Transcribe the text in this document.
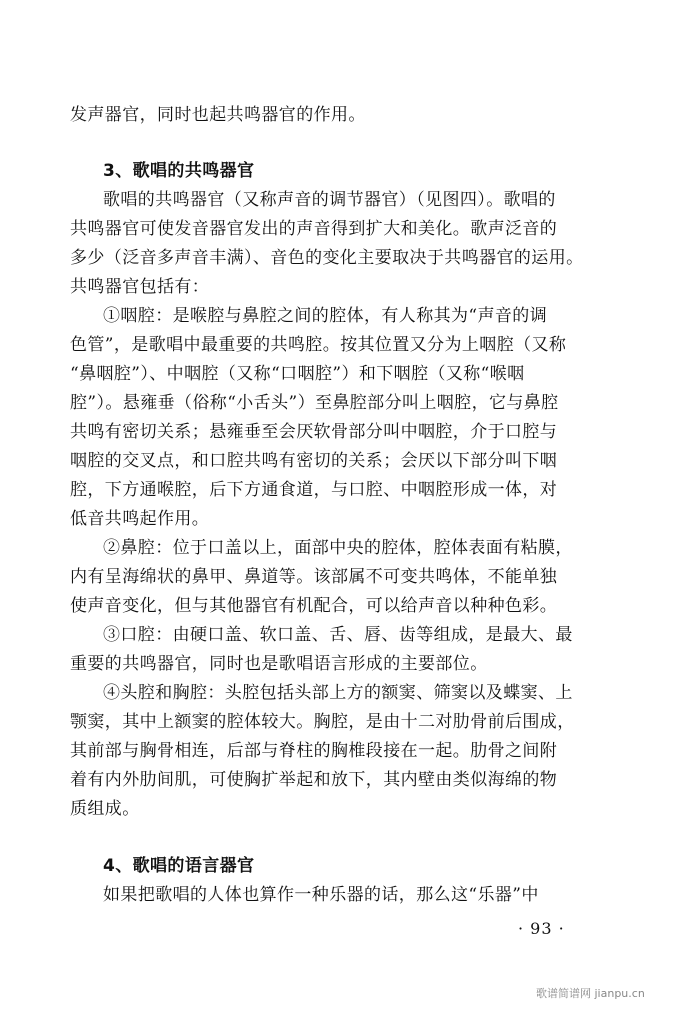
发声器官，同时也起共鸣器官的作用。
3、歌唱的共鸣器官
歌唱的共鸣器官（又称声音的调节器官）（见图四）。歌唱的
共鸣器官可使发音器官发出的声音得到扩大和美化。歌声泛音的
多少（泛音多声音丰满）、音色的变化主要取决于共鸣器官的运用。
共鸣器官包括有：
①咽腔：是喉腔与鼻腔之间的腔体，有人称其为“声音的调
色管”，是歌唱中最重要的共鸣腔。按其位置又分为上咽腔（又称
“鼻咽腔”）、中咽腔（又称“口咽腔”）和下咽腔（又称“喉咽
腔”）。悬雍垂（俗称“小舌头”）至鼻腔部分叫上咽腔，它与鼻腔
共鸣有密切关系；悬雍垂至会厌软骨部分叫中咽腔，介于口腔与
咽腔的交叉点，和口腔共鸣有密切的关系；会厌以下部分叫下咽
腔，下方通喉腔，后下方通食道，与口腔、中咽腔形成一体，对
低音共鸣起作用。
②鼻腔：位于口盖以上，面部中央的腔体，腔体表面有粘膜，
内有呈海绵状的鼻甲、鼻道等。该部属不可变共鸣体，不能单独
使声音变化，但与其他器官有机配合，可以给声音以种种色彩。
③口腔：由硬口盖、软口盖、舌、唇、齿等组成，是最大、最
重要的共鸣器官，同时也是歌唱语言形成的主要部位。
④头腔和胸腔：头腔包括头部上方的额窦、筛窦以及蝶窦、上
颚窦，其中上额窦的腔体较大。胸腔，是由十二对肋骨前后围成，
其前部与胸骨相连，后部与脊柱的胸椎段接在一起。肋骨之间附
着有内外肋间肌，可使胸扩举起和放下，其内壁由类似海绵的物
质组成。
4、歌唱的语言器官
如果把歌唱的人体也算作一种乐器的话，那么这“乐器”中
· 93 ·
歌谱简谱网 jianpu.cn
